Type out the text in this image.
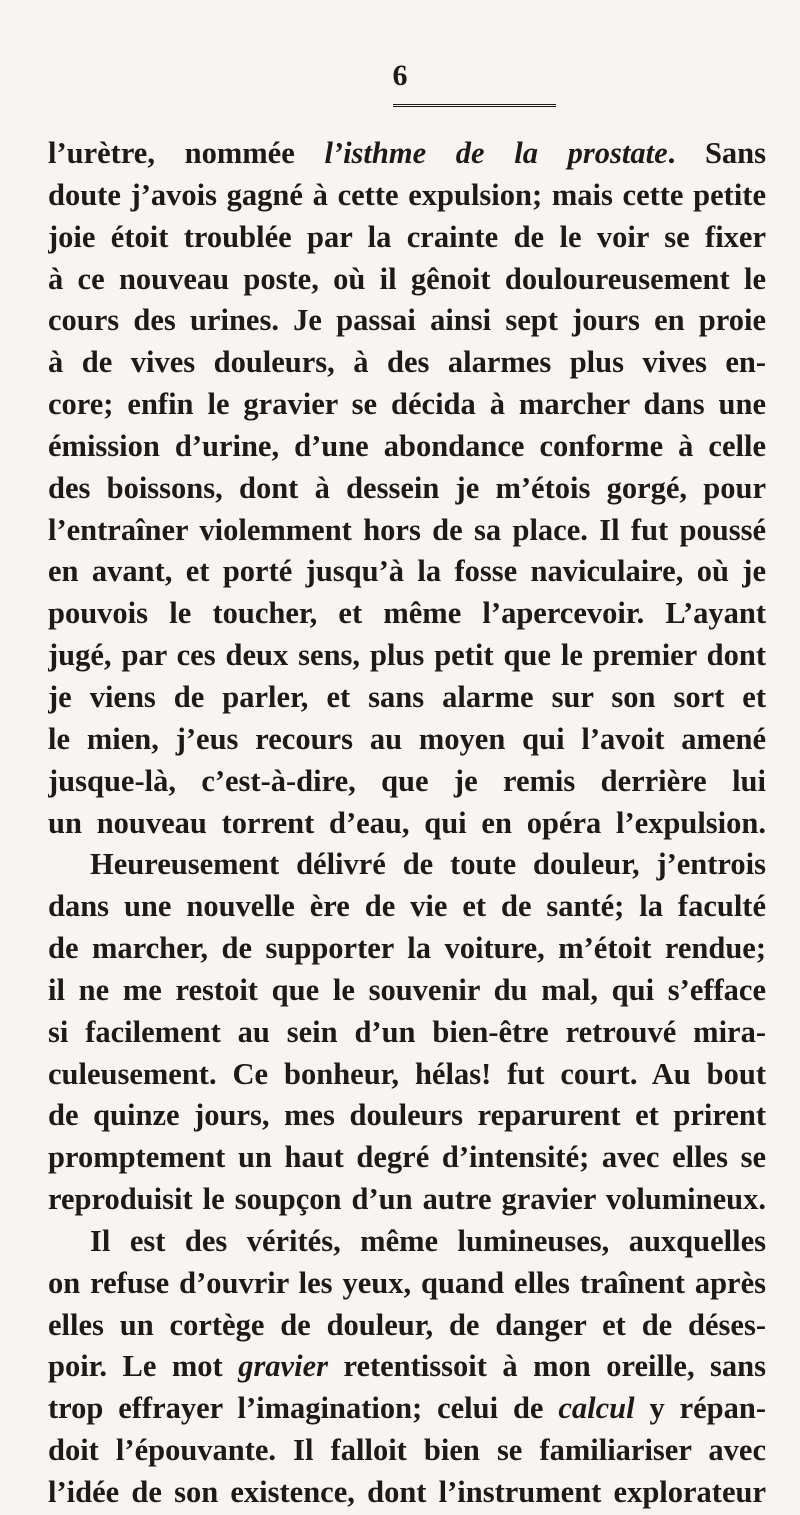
6
l’urètre, nommée l’isthme de la prostate. Sans
doute j’avois gagné à cette expulsion; mais cette petite
joie étoit troublée par la crainte de le voir se fixer
à ce nouveau poste, où il gênoit douloureusement le
cours des urines. Je passai ainsi sept jours en proie
à de vives douleurs, à des alarmes plus vives en-
core; enfin le gravier se décida à marcher dans une
émission d’urine, d’une abondance conforme à celle
des boissons, dont à dessein je m’étois gorgé, pour
l’entraîner violemment hors de sa place. Il fut poussé
en avant, et porté jusqu’à la fosse naviculaire, où je
pouvois le toucher, et même l’apercevoir. L’ayant
jugé, par ces deux sens, plus petit que le premier dont
je viens de parler, et sans alarme sur son sort et
le mien, j’eus recours au moyen qui l’avoit amené
jusque-là, c’est-à-dire, que je remis derrière lui
un nouveau torrent d’eau, qui en opéra l’expulsion.
Heureusement délivré de toute douleur, j’entrois
dans une nouvelle ère de vie et de santé; la faculté
de marcher, de supporter la voiture, m’étoit rendue;
il ne me restoit que le souvenir du mal, qui s’efface
si facilement au sein d’un bien-être retrouvé mira-
culeusement. Ce bonheur, hélas! fut court. Au bout
de quinze jours, mes douleurs reparurent et prirent
promptement un haut degré d’intensité; avec elles se
reproduisit le soupçon d’un autre gravier volumineux.
Il est des vérités, même lumineuses, auxquelles
on refuse d’ouvrir les yeux, quand elles traînent après
elles un cortège de douleur, de danger et de déses-
poir. Le mot gravier retentissoit à mon oreille, sans
trop effrayer l’imagination; celui de calcul y répan-
doit l’épouvante. Il falloit bien se familiariser avec
l’idée de son existence, dont l’instrument explorateur
